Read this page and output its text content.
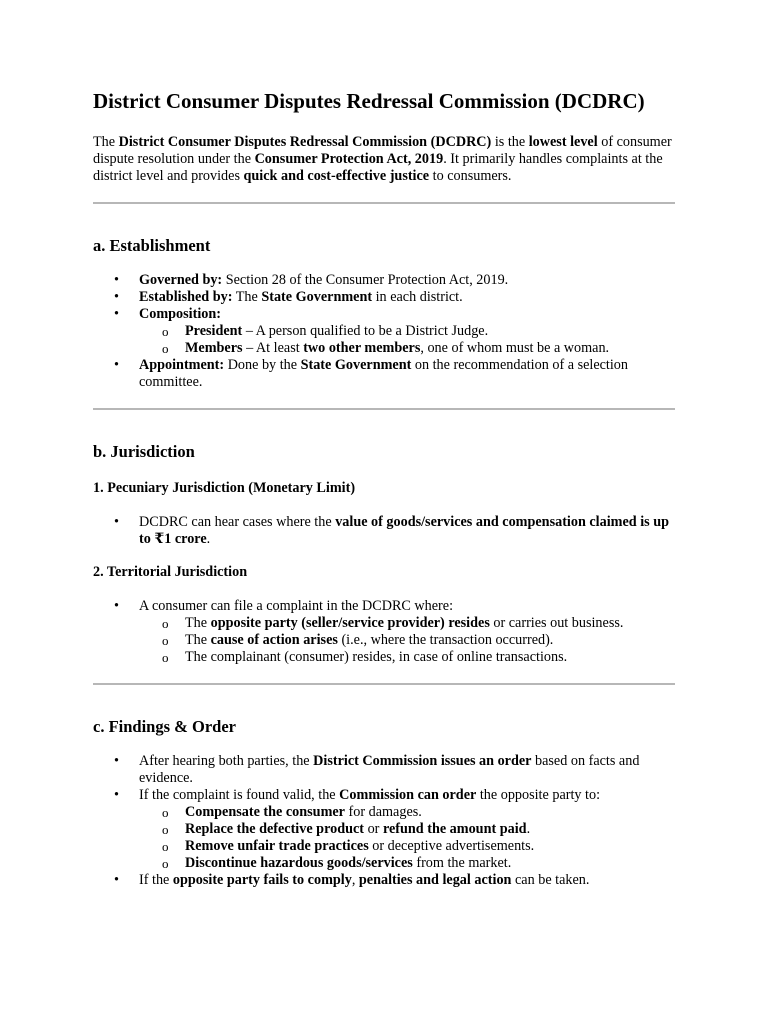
District Consumer Disputes Redressal Commission (DCDRC)

The District Consumer Disputes Redressal Commission (DCDRC) is the lowest level of consumer dispute resolution under the Consumer Protection Act, 2019. It primarily handles complaints at the district level and provides quick and cost-effective justice to consumers.

a. Establishment
• Governed by: Section 28 of the Consumer Protection Act, 2019.
• Established by: The State Government in each district.
• Composition:
o President – A person qualified to be a District Judge.
o Members – At least two other members, one of whom must be a woman.
• Appointment: Done by the State Government on the recommendation of a selection committee.
b. Jurisdiction
1. Pecuniary Jurisdiction (Monetary Limit)
• DCDRC can hear cases where the value of goods/services and compensation claimed is up to ₹1 crore.
2. Territorial Jurisdiction
• A consumer can file a complaint in the DCDRC where:
o The opposite party (seller/service provider) resides or carries out business.
o The cause of action arises (i.e., where the transaction occurred).
o The complainant (consumer) resides, in case of online transactions.
c. Findings & Order
• After hearing both parties, the District Commission issues an order based on facts and evidence.
• If the complaint is found valid, the Commission can order the opposite party to:
o Compensate the consumer for damages.
o Replace the defective product or refund the amount paid.
o Remove unfair trade practices or deceptive advertisements.
o Discontinue hazardous goods/services from the market.
• If the opposite party fails to comply, penalties and legal action can be taken.
